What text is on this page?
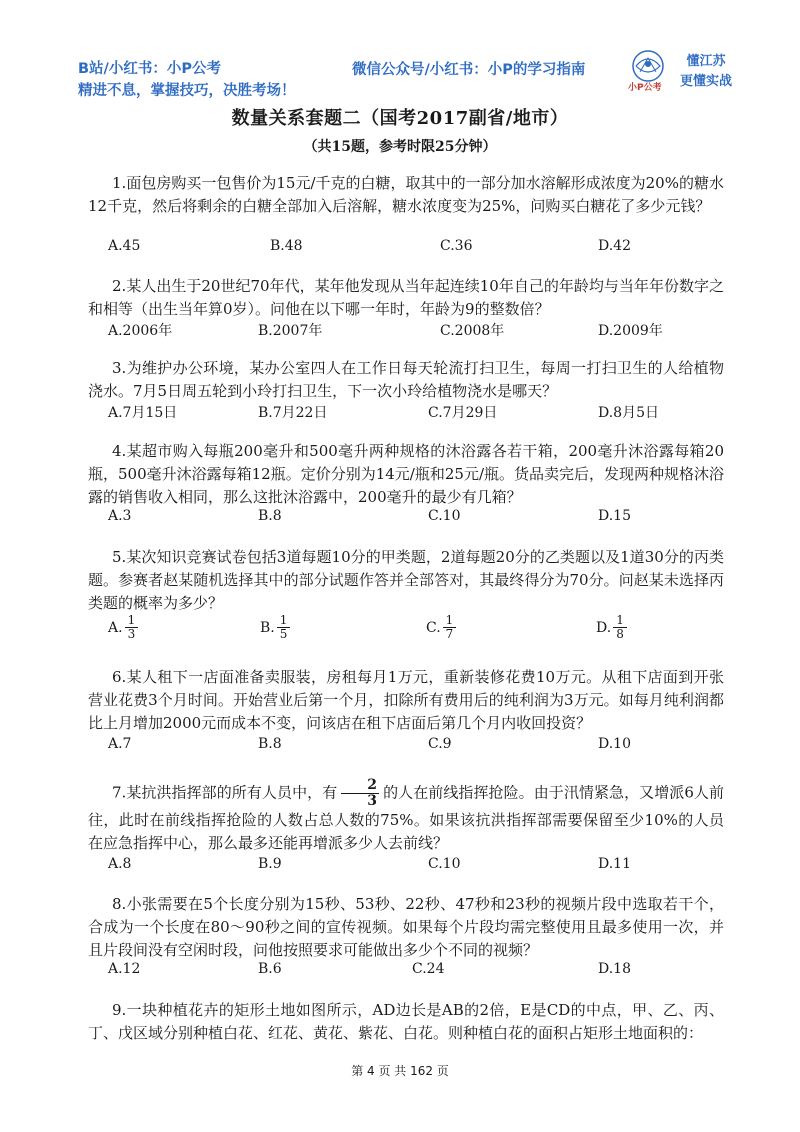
B站/小红书：小P公考
精进不息，掌握技巧，决胜考场！
微信公众号/小红书：小P的学习指南
小P公考
懂江苏
更懂实战
数量关系套题二（国考2017副省/地市）
（共15题，参考时限25分钟）

1.面包房购买一包售价为15元/千克的白糖，取其中的一部分加水溶解形成浓度为20%的糖水12千克，然后将剩余的白糖全部加入后溶解，糖水浓度变为25%，问购买白糖花了多少元钱？

A.45	B.48	C.36	D.42

2.某人出生于20世纪70年代，某年他发现从当年起连续10年自己的年龄均与当年年份数字之和相等（出生当年算0岁）。问他在以下哪一年时，年龄为9的整数倍？

A.2006年	B.2007年	C.2008年	D.2009年

3.为维护办公环境，某办公室四人在工作日每天轮流打扫卫生，每周一打扫卫生的人给植物浇水。7月5日周五轮到小玲打扫卫生，下一次小玲给植物浇水是哪天？

A.7月15日	B.7月22日	C.7月29日	D.8月5日

4.某超市购入每瓶200毫升和500毫升两种规格的沐浴露各若干箱，200毫升沐浴露每箱20瓶，500毫升沐浴露每箱12瓶。定价分别为14元/瓶和25元/瓶。货品卖完后，发现两种规格沐浴露的销售收入相同，那么这批沐浴露中，200毫升的最少有几箱？

A.3	B.8	C.10	D.15

5.某次知识竞赛试卷包括3道每题10分的甲类题，2道每题20分的乙类题以及1道30分的丙类题。参赛者赵某随机选择其中的部分试题作答并全部答对，其最终得分为70分。问赵某未选择丙类题的概率为多少？

A. $\frac{1}{3}$	B. $\frac{1}{5}$	C. $\frac{1}{7}$	D. $\frac{1}{8}$

6.某人租下一店面准备卖服装，房租每月1万元，重新装修花费10万元。从租下店面到开张营业花费3个月时间。开始营业后第一个月，扣除所有费用后的纯利润为3万元。如每月纯利润都比上月增加2000元而成本不变，问该店在租下店面后第几个月内收回投资？

A.7	B.8	C.9	D.10

7.某抗洪指挥部的所有人员中，有 $\frac{2}{3}$ 的人在前线指挥抢险。由于汛情紧急，又增派6人前往，此时在前线指挥抢险的人数占总人数的75%。如果该抗洪指挥部需要保留至少10%的人员在应急指挥中心，那么最多还能再增派多少人去前线？

A.8	B.9	C.10	D.11

8.小张需要在5个长度分别为15秒、53秒、22秒、47秒和23秒的视频片段中选取若干个，合成为一个长度在80～90秒之间的宣传视频。如果每个片段均需完整使用且最多使用一次，并且片段间没有空闲时段，问他按照要求可能做出多少个不同的视频？

A.12	B.6	C.24	D.18

9.一块种植花卉的矩形土地如图所示，AD边长是AB的2倍，E是CD的中点，甲、乙、丙、丁、戊区域分别种植白花、红花、黄花、紫花、白花。则种植白花的面积占矩形土地面积的：

第 4 页 共 162 页
